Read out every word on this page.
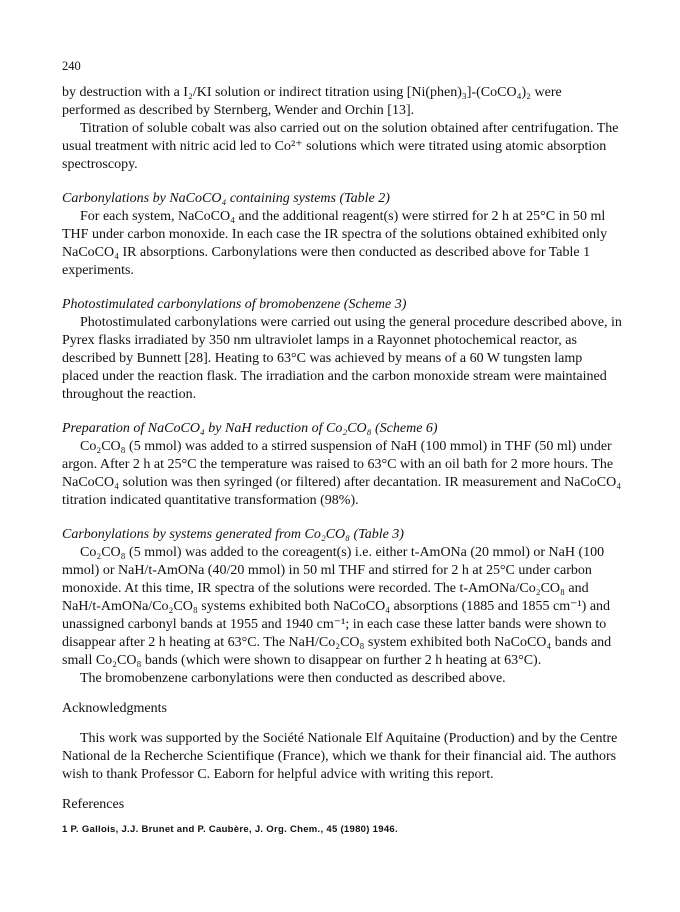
240

by destruction with a I₂/KI solution or indirect titration using [Ni(phen)₃]-(CoCO₄)₂ were performed as described by Sternberg, Wender and Orchin [13].

Titration of soluble cobalt was also carried out on the solution obtained after centrifugation. The usual treatment with nitric acid led to Co²⁺ solutions which were titrated using atomic absorption spectroscopy.

Carbonylations by NaCoCO₄ containing systems (Table 2)

For each system, NaCoCO₄ and the additional reagent(s) were stirred for 2 h at 25°C in 50 ml THF under carbon monoxide. In each case the IR spectra of the solutions obtained exhibited only NaCoCO₄ IR absorptions. Carbonylations were then conducted as described above for Table 1 experiments.

Photostimulated carbonylations of bromobenzene (Scheme 3)

Photostimulated carbonylations were carried out using the general procedure described above, in Pyrex flasks irradiated by 350 nm ultraviolet lamps in a Rayonnet photochemical reactor, as described by Bunnett [28]. Heating to 63°C was achieved by means of a 60 W tungsten lamp placed under the reaction flask. The irradiation and the carbon monoxide stream were maintained throughout the reaction.

Preparation of NaCoCO₄ by NaH reduction of Co₂CO₈ (Scheme 6)

Co₂CO₈ (5 mmol) was added to a stirred suspension of NaH (100 mmol) in THF (50 ml) under argon. After 2 h at 25°C the temperature was raised to 63°C with an oil bath for 2 more hours. The NaCoCO₄ solution was then syringed (or filtered) after decantation. IR measurement and NaCoCO₄ titration indicated quantitative transformation (98%).

Carbonylations by systems generated from Co₂CO₈ (Table 3)

Co₂CO₈ (5 mmol) was added to the coreagent(s) i.e. either t-AmONa (20 mmol) or NaH (100 mmol) or NaH/t-AmONa (40/20 mmol) in 50 ml THF and stirred for 2 h at 25°C under carbon monoxide. At this time, IR spectra of the solutions were recorded. The t-AmONa/Co₂CO₈ and NaH/t-AmONa/Co₂CO₈ systems exhibited both NaCoCO₄ absorptions (1885 and 1855 cm⁻¹) and unassigned carbonyl bands at 1955 and 1940 cm⁻¹; in each case these latter bands were shown to disappear after 2 h heating at 63°C. The NaH/Co₂CO₈ system exhibited both NaCoCO₄ bands and small Co₂CO₈ bands (which were shown to disappear on further 2 h heating at 63°C).

The bromobenzene carbonylations were then conducted as described above.

Acknowledgments

This work was supported by the Société Nationale Elf Aquitaine (Production) and by the Centre National de la Recherche Scientifique (France), which we thank for their financial aid. The authors wish to thank Professor C. Eaborn for helpful advice with writing this report.

References

1 P. Gallois, J.J. Brunet and P. Caubère, J. Org. Chem., 45 (1980) 1946.
